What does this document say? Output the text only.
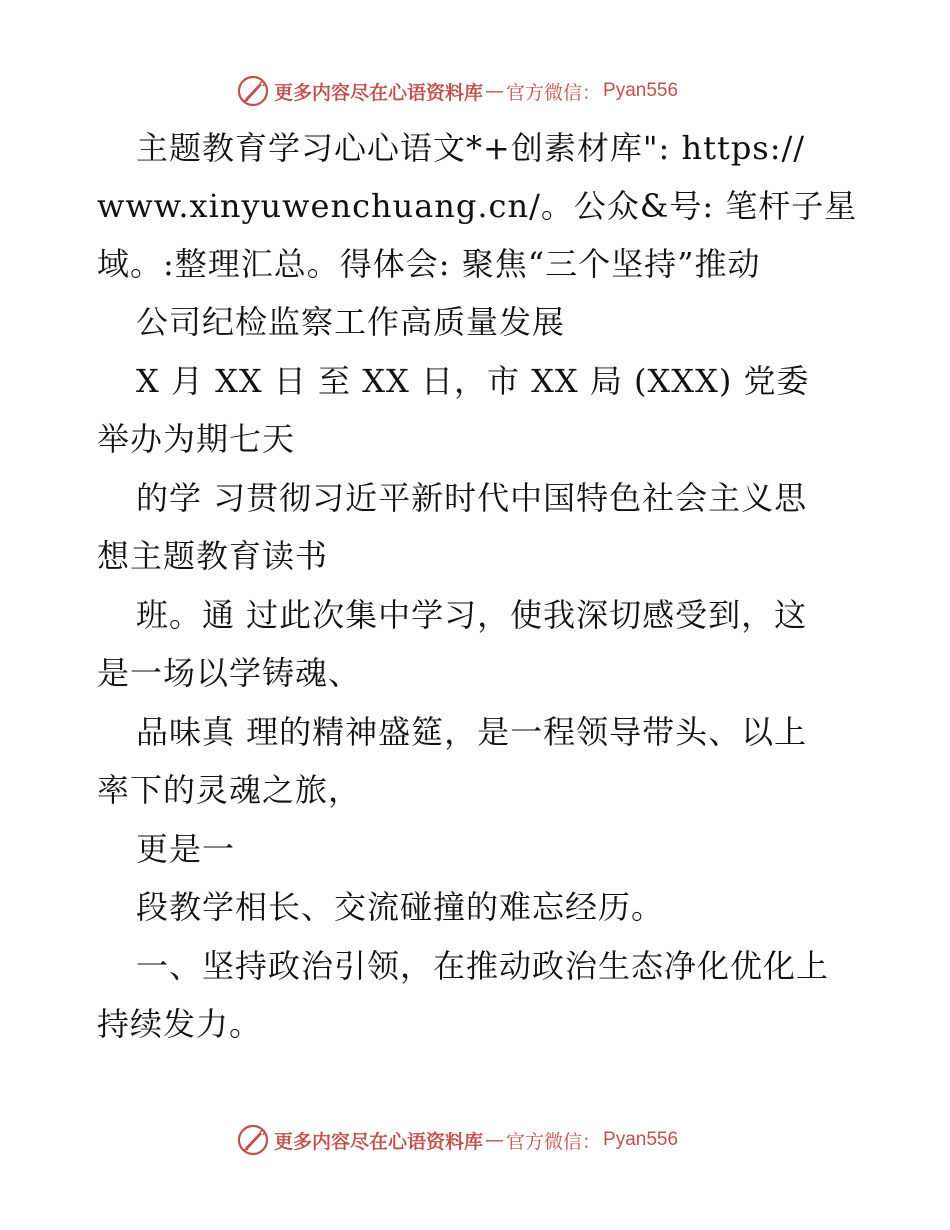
更多内容尽在心语资料库 — 官方微信： Pyan556
主题教育学习心心语文*+创素材库": https://
www.xinyuwenchuang.cn/。公众&号: 笔杆子星
域。:整理汇总。得体会: 聚焦“三个坚持”推动
公司纪检监察工作高质量发展
X 月 XX 日 至 XX 日，市 XX 局 (XXX) 党委
举办为期七天
的学 习贯彻习近平新时代中国特色社会主义思
想主题教育读书
班。通 过此次集中学习，使我深切感受到，这
是一场以学铸魂、
品味真 理的精神盛筵，是一程领导带头、以上
率下的灵魂之旅，
更是一
段教学相长、交流碰撞的难忘经历。
一、坚持政治引领，在推动政治生态净化优化上
持续发力。
更多内容尽在心语资料库 — 官方微信： Pyan556
